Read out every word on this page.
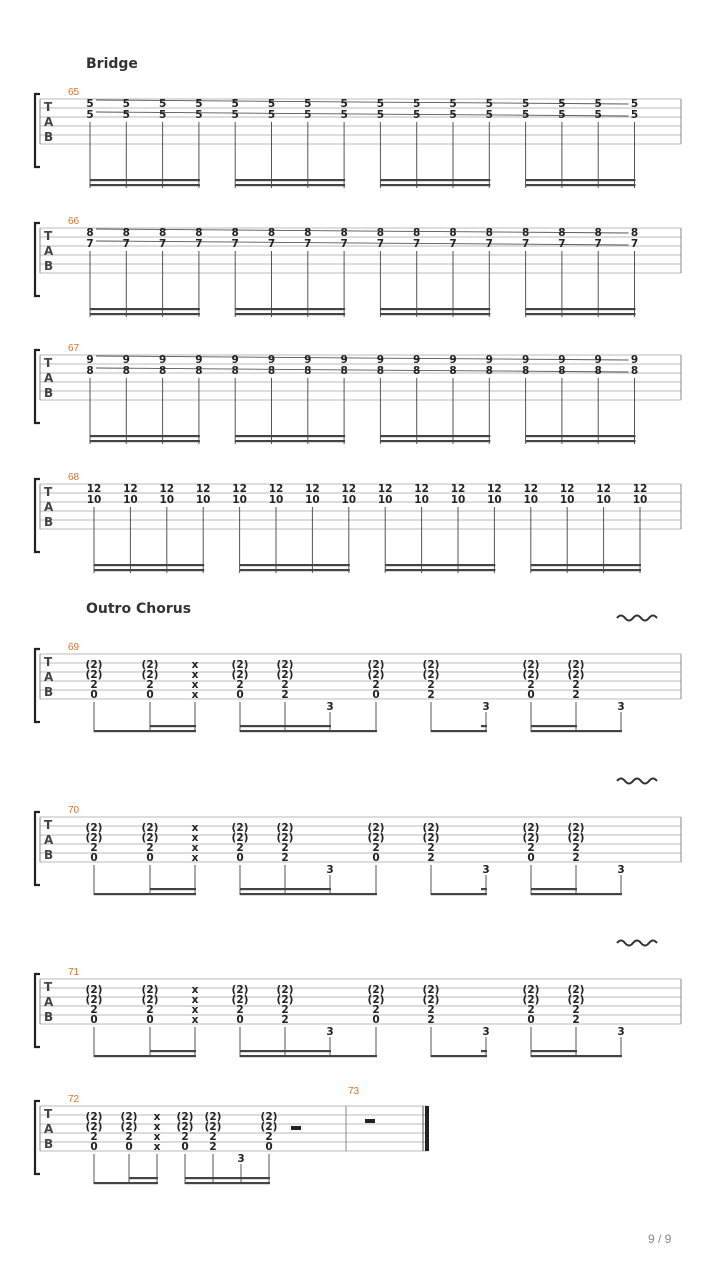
9 / 9
Bridge
Outro Chorus
T
A
B
65
5
5
5
5
5
5
5
5
5
5
5
5
5
5
5
5
5
5
5
5
5
5
5
5
5
5
5
5
5
5
5
5
T
A
B
66
8
7
8
7
8
7
8
7
8
7
8
7
8
7
8
7
8
7
8
7
8
7
8
7
8
7
8
7
8
7
8
7
T
A
B
67
9
8
9
8
9
8
9
8
9
8
9
8
9
8
9
8
9
8
9
8
9
8
9
8
9
8
9
8
9
8
9
8
T
A
B
68
12
10
12
10
12
10
12
10
12
10
12
10
12
10
12
10
12
10
12
10
12
10
12
10
12
10
12
10
12
10
12
10
T
A
B
69
(2)
(2)
2
0
(2)
(2)
2
0
x
x
x
x
(2)
(2)
2
0
(2)
(2)
2
2
3
(2)
(2)
2
0
(2)
(2)
2
2
3
(2)
(2)
2
0
(2)
(2)
2
2
3
T
A
B
70
(2)
(2)
2
0
(2)
(2)
2
0
x
x
x
x
(2)
(2)
2
0
(2)
(2)
2
2
3
(2)
(2)
2
0
(2)
(2)
2
2
3
(2)
(2)
2
0
(2)
(2)
2
2
3
T
A
B
71
(2)
(2)
2
0
(2)
(2)
2
0
x
x
x
x
(2)
(2)
2
0
(2)
(2)
2
2
3
(2)
(2)
2
0
(2)
(2)
2
2
3
(2)
(2)
2
0
(2)
(2)
2
2
3
T
A
B
72
(2)
(2)
2
0
(2)
(2)
2
0
x
x
x
x
(2)
(2)
2
0
(2)
(2)
2
2
3
(2)
(2)
2
0
73
